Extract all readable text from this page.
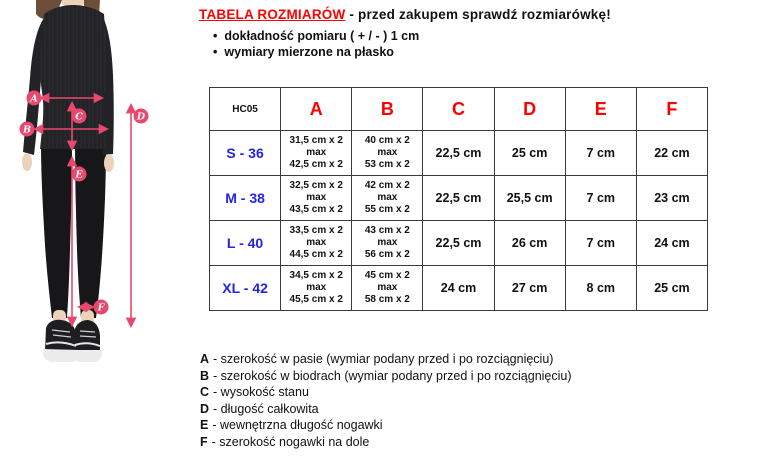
A
B
C	D
E
F
TABELA ROZMIARÓW - przed zakupem sprawdź rozmiarówkę!
• dokładność pomiaru ( + / - ) 1 cm
• wymiary mierzone na płasko
HC05	A	B	C	D	E	F
S - 36	31,5 cm x 2
max
42,5 cm x 2	40 cm x 2
max
53 cm x 2	22,5 cm	25 cm	7 cm	22 cm
M - 38	32,5 cm x 2
max
43,5 cm x 2	42 cm x 2
max
55 cm x 2	22,5 cm	25,5 cm	7 cm	23 cm
L - 40	33,5 cm x 2
max
44,5 cm x 2	43 cm x 2
max
56 cm x 2	22,5 cm	26 cm	7 cm	24 cm
XL - 42	34,5 cm x 2
max
45,5 cm x 2	45 cm x 2
max
58 cm x 2	24 cm	27 cm	8 cm	25 cm
A - szerokość w pasie (wymiar podany przed i po rozciągnięciu)
B - szerokość w biodrach (wymiar podany przed i po rozciągnięciu)
C - wysokość stanu
D - długość całkowita
E - wewnętrzna długość nogawki
F - szerokość nogawki na dole
